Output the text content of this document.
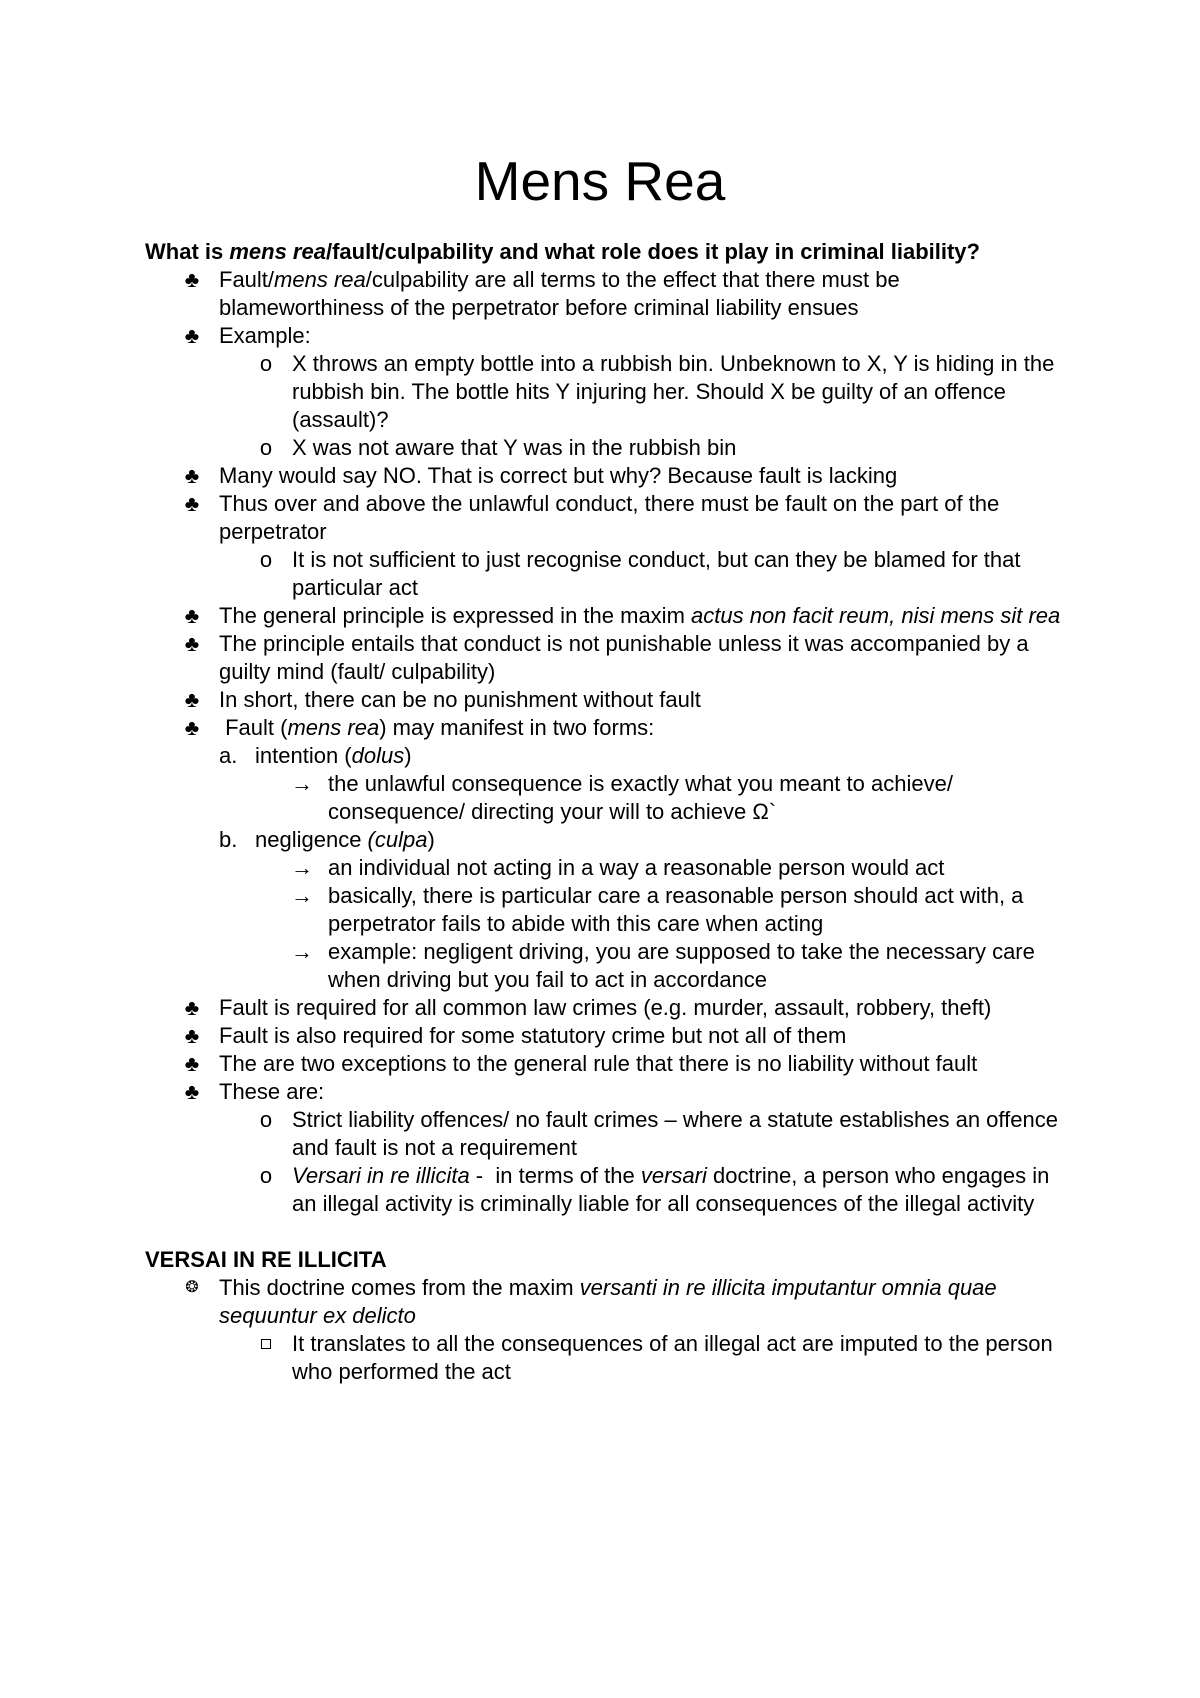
Mens Rea

What is mens rea/fault/culpability and what role does it play in criminal liability?

♣ Fault/mens rea/culpability are all terms to the effect that there must be blameworthiness of the perpetrator before criminal liability ensues

♣ Example:

o X throws an empty bottle into a rubbish bin. Unbeknown to X, Y is hiding in the rubbish bin. The bottle hits Y injuring her. Should X be guilty of an offence (assault)?

o X was not aware that Y was in the rubbish bin

♣ Many would say NO. That is correct but why? Because fault is lacking

♣ Thus over and above the unlawful conduct, there must be fault on the part of the perpetrator

o It is not sufficient to just recognise conduct, but can they be blamed for that particular act

♣ The general principle is expressed in the maxim actus non facit reum, nisi mens sit rea

♣ The principle entails that conduct is not punishable unless it was accompanied by a guilty mind (fault/ culpability)

♣ In short, there can be no punishment without fault

♣ Fault (mens rea) may manifest in two forms:

a. intention (dolus)

→ the unlawful consequence is exactly what you meant to achieve/ consequence/ directing your will to achieve Ω`

b. negligence (culpa)

→ an individual not acting in a way a reasonable person would act

→ basically, there is particular care a reasonable person should act with, a perpetrator fails to abide with this care when acting

→ example: negligent driving, you are supposed to take the necessary care when driving but you fail to act in accordance

♣ Fault is required for all common law crimes (e.g. murder, assault, robbery, theft)

♣ Fault is also required for some statutory crime but not all of them

♣ The are two exceptions to the general rule that there is no liability without fault

♣ These are:

o Strict liability offences/ no fault crimes – where a statute establishes an offence and fault is not a requirement

o Versari in re illicita -  in terms of the versari doctrine, a person who engages in an illegal activity is criminally liable for all consequences of the illegal activity

VERSAI IN RE ILLICITA

❂ This doctrine comes from the maxim versanti in re illicita imputantur omnia quae sequuntur ex delicto

It translates to all the consequences of an illegal act are imputed to the person who performed the act
